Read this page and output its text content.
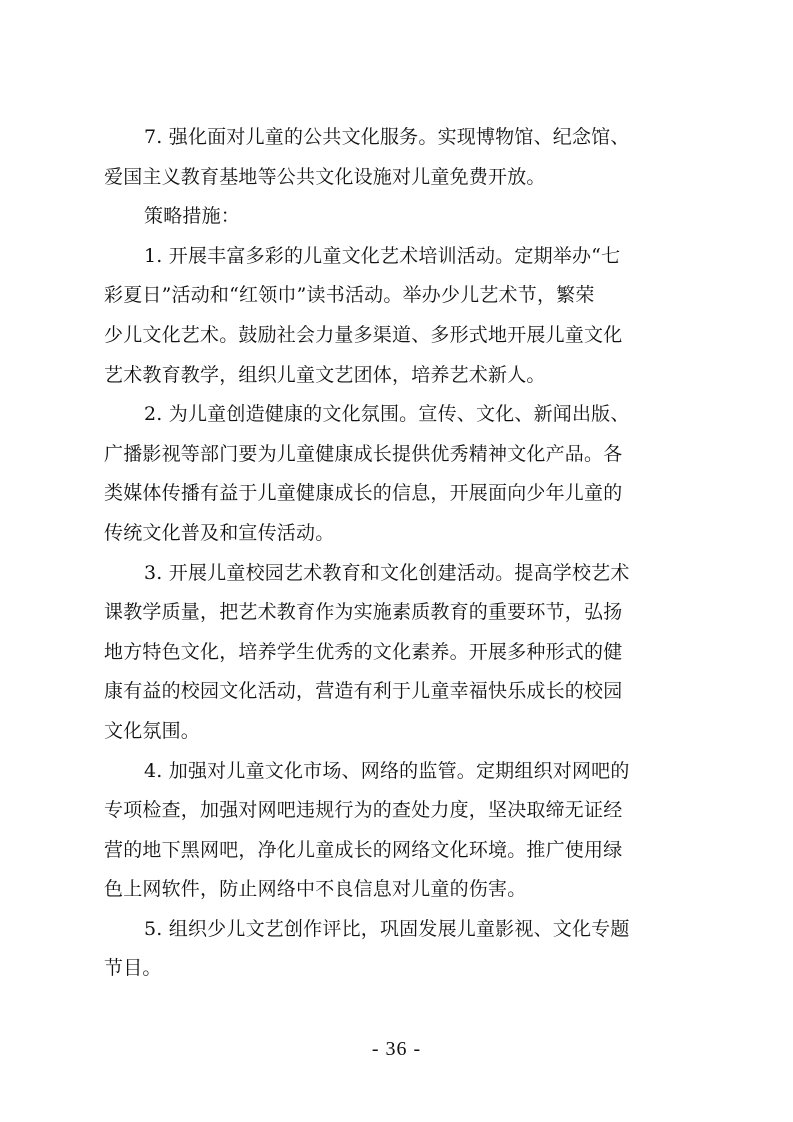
7. 强化面对儿童的公共文化服务。实现博物馆、纪念馆、
爱国主义教育基地等公共文化设施对儿童免费开放。

策略措施：

1. 开展丰富多彩的儿童文化艺术培训活动。定期举办“七
彩夏日”活动和“红领巾”读书活动。举办少儿艺术节，繁荣
少儿文化艺术。鼓励社会力量多渠道、多形式地开展儿童文化
艺术教育教学，组织儿童文艺团体，培养艺术新人。

2. 为儿童创造健康的文化氛围。宣传、文化、新闻出版、
广播影视等部门要为儿童健康成长提供优秀精神文化产品。各
类媒体传播有益于儿童健康成长的信息，开展面向少年儿童的
传统文化普及和宣传活动。

3. 开展儿童校园艺术教育和文化创建活动。提高学校艺术
课教学质量，把艺术教育作为实施素质教育的重要环节，弘扬
地方特色文化，培养学生优秀的文化素养。开展多种形式的健
康有益的校园文化活动，营造有利于儿童幸福快乐成长的校园
文化氛围。

4. 加强对儿童文化市场、网络的监管。定期组织对网吧的
专项检查，加强对网吧违规行为的查处力度，坚决取缔无证经
营的地下黑网吧，净化儿童成长的网络文化环境。推广使用绿
色上网软件，防止网络中不良信息对儿童的伤害。

5. 组织少儿文艺创作评比，巩固发展儿童影视、文化专题
节目。

- 36 -
